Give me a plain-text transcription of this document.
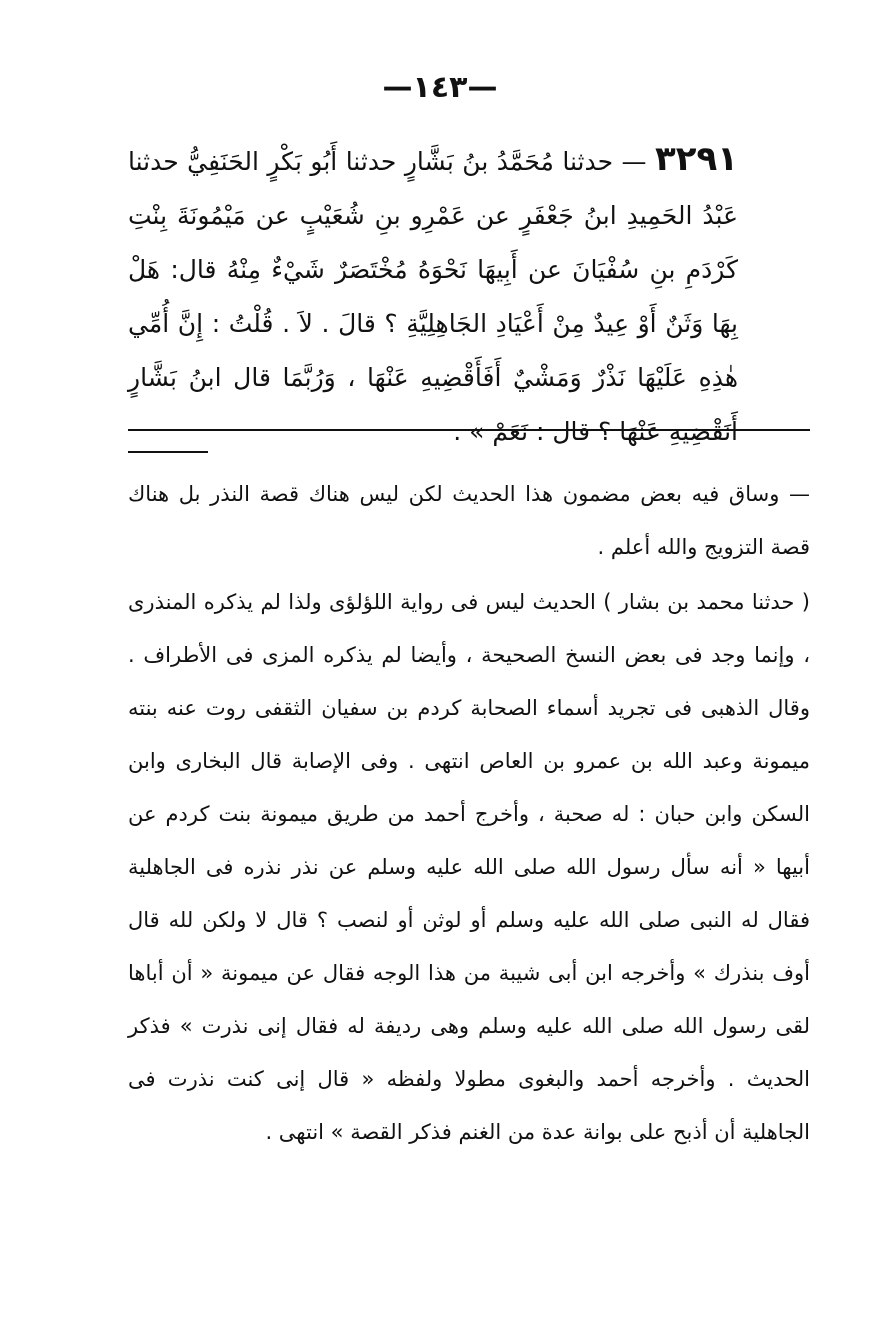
—١٤٣—
٣٢٩١ — حدثنا مُحَمَّدُ بنُ بَشَّارٍ حدثنا أَبُو بَكْرٍ الحَنَفِيُّ حدثنا عَبْدُ الحَمِيدِ ابنُ جَعْفَرٍ عن عَمْرِو بنِ شُعَيْبٍ عن مَيْمُونَةَ بِنْتِ كَرْدَمِ بنِ سُفْيَانَ عن أَبِيهَا نَحْوَهُ مُخْتَصَرٌ شَيْءٌ مِنْهُ قال: هَلْ بِهَا وَثَنٌ أَوْ عِيدٌ مِنْ أَعْيَادِ الجَاهِلِيَّةِ ؟ قالَ . لاَ . قُلْتُ : إِنَّ أُمِّي هٰذِهِ عَلَيْهَا نَذْرٌ وَمَشْيٌ أَفَأَقْضِيهِ عَنْهَا ، وَرُبَّمَا قال ابنُ بَشَّارٍ أَنَقْضِيهِ عَنْهَا ؟ قال : نَعَمْ » .
— وساق فيه بعض مضمون هذا الحديث لكن ليس هناك قصة النذر بل هناك قصة التزويج والله أعلم .
( حدثنا محمد بن بشار ) الحديث ليس فى رواية اللؤلؤى ولذا لم يذكره المنذرى ، وإنما وجد فى بعض النسخ الصحيحة ، وأيضا لم يذكره المزى فى الأطراف . وقال الذهبى فى تجريد أسماء الصحابة كردم بن سفيان الثقفى روت عنه بنته ميمونة وعبد الله بن عمرو بن العاص انتهى . وفى الإصابة قال البخارى وابن السكن وابن حبان : له صحبة ، وأخرج أحمد من طريق ميمونة بنت كردم عن أبيها « أنه سأل رسول الله صلى الله عليه وسلم عن نذر نذره فى الجاهلية فقال له النبى صلى الله عليه وسلم أو لوثن أو لنصب ؟ قال لا ولكن لله قال أوف بنذرك » وأخرجه ابن أبى شيبة من هذا الوجه فقال عن ميمونة « أن أباها لقى رسول الله صلى الله عليه وسلم وهى رديفة له فقال إنى نذرت » فذكر الحديث . وأخرجه أحمد والبغوى مطولا ولفظه « قال إنى كنت نذرت فى الجاهلية أن أذبح على بوانة عدة من الغنم فذكر القصة » انتهى .
